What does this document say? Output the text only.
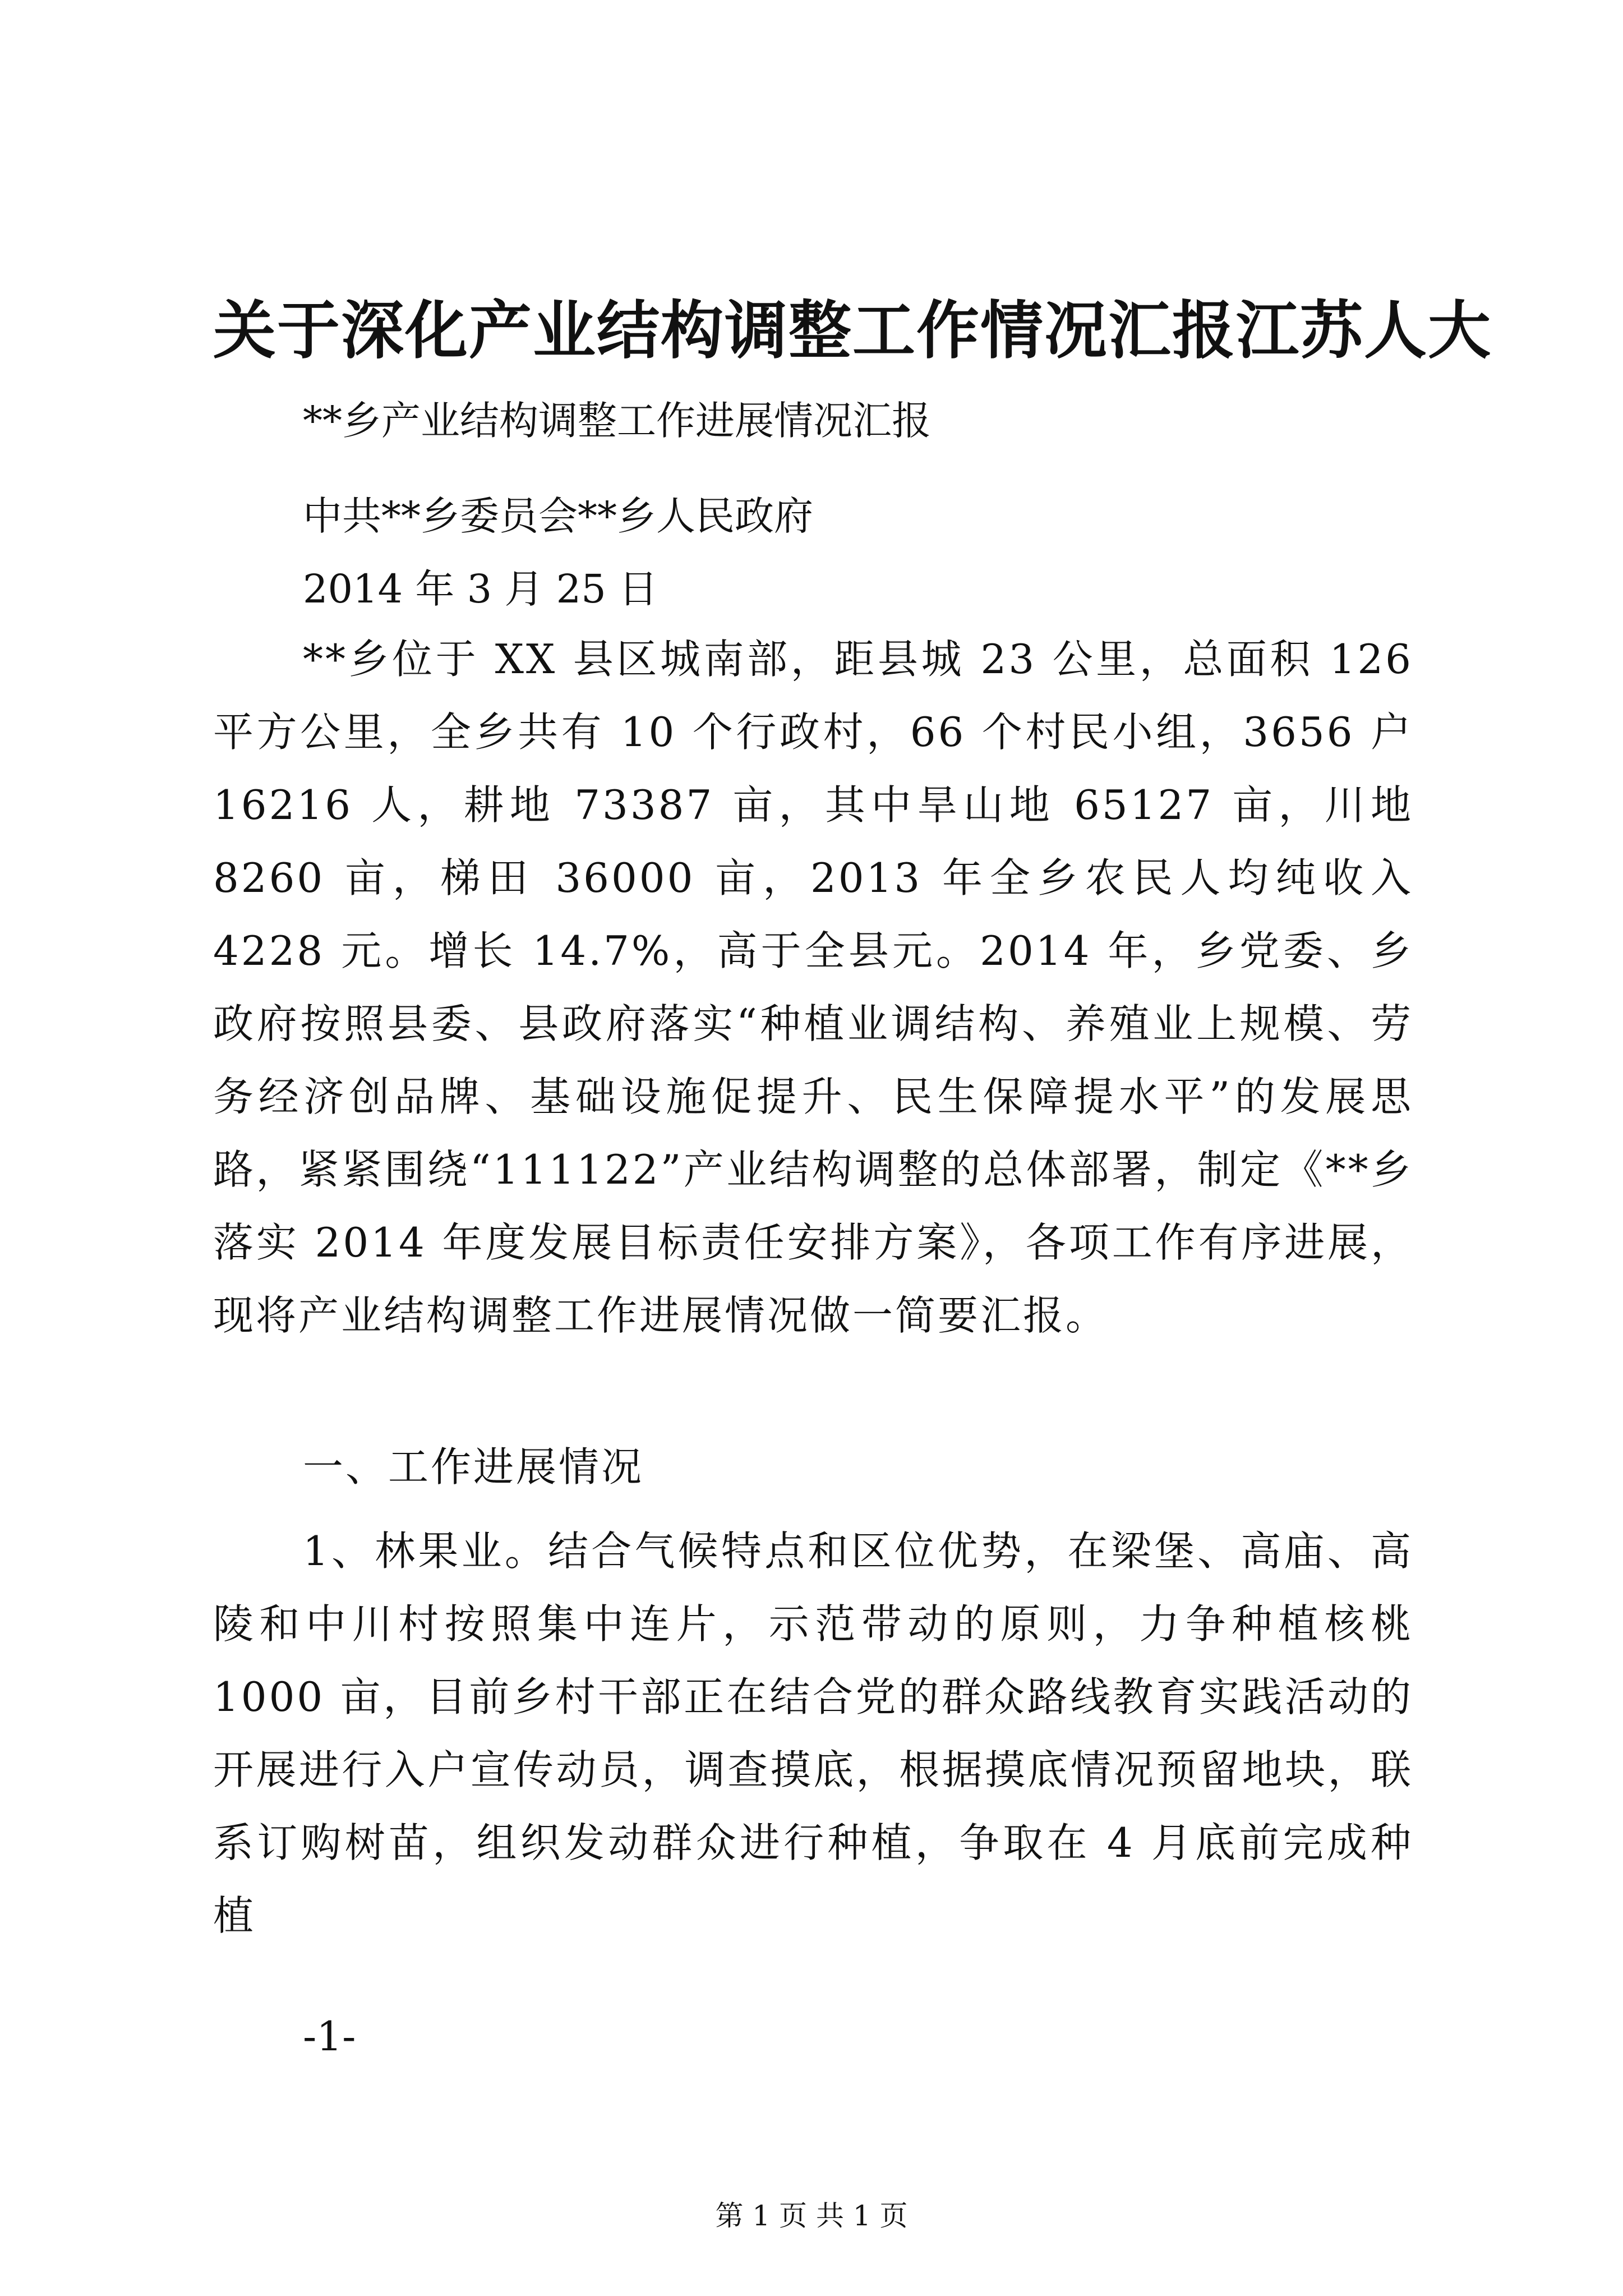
关于深化产业结构调整工作情况汇报江苏人大

**乡产业结构调整工作进展情况汇报

中共**乡委员会**乡人民政府

2014 年 3 月 25 日

**乡位于 XX 县区城南部，距县城 23 公里，总面积 126 平方公里，全乡共有 10 个行政村，66 个村民小组，3656 户 16216 人，耕地 73387 亩，其中旱山地 65127 亩，川地 8260 亩，梯田 36000 亩，2013 年全乡农民人均纯收入 4228 元。增长 14.7%，高于全县元。2014 年，乡党委、乡政府按照县委、县政府落实“种植业调结构、养殖业上规模、劳务经济创品牌、基础设施促提升、民生保障提水平”的发展思路，紧紧围绕“111122”产业结构调整的总体部署，制定《**乡落实 2014 年度发展目标责任安排方案》，各项工作有序进展，现将产业结构调整工作进展情况做一简要汇报。

一、工作进展情况

1、林果业。结合气候特点和区位优势，在梁堡、高庙、高陵和中川村按照集中连片，示范带动的原则，力争种植核桃 1000 亩，目前乡村干部正在结合党的群众路线教育实践活动的开展进行入户宣传动员，调查摸底，根据摸底情况预留地块，联系订购树苗，组织发动群众进行种植，争取在 4 月底前完成种植

-1-

第 1 页 共 1 页
